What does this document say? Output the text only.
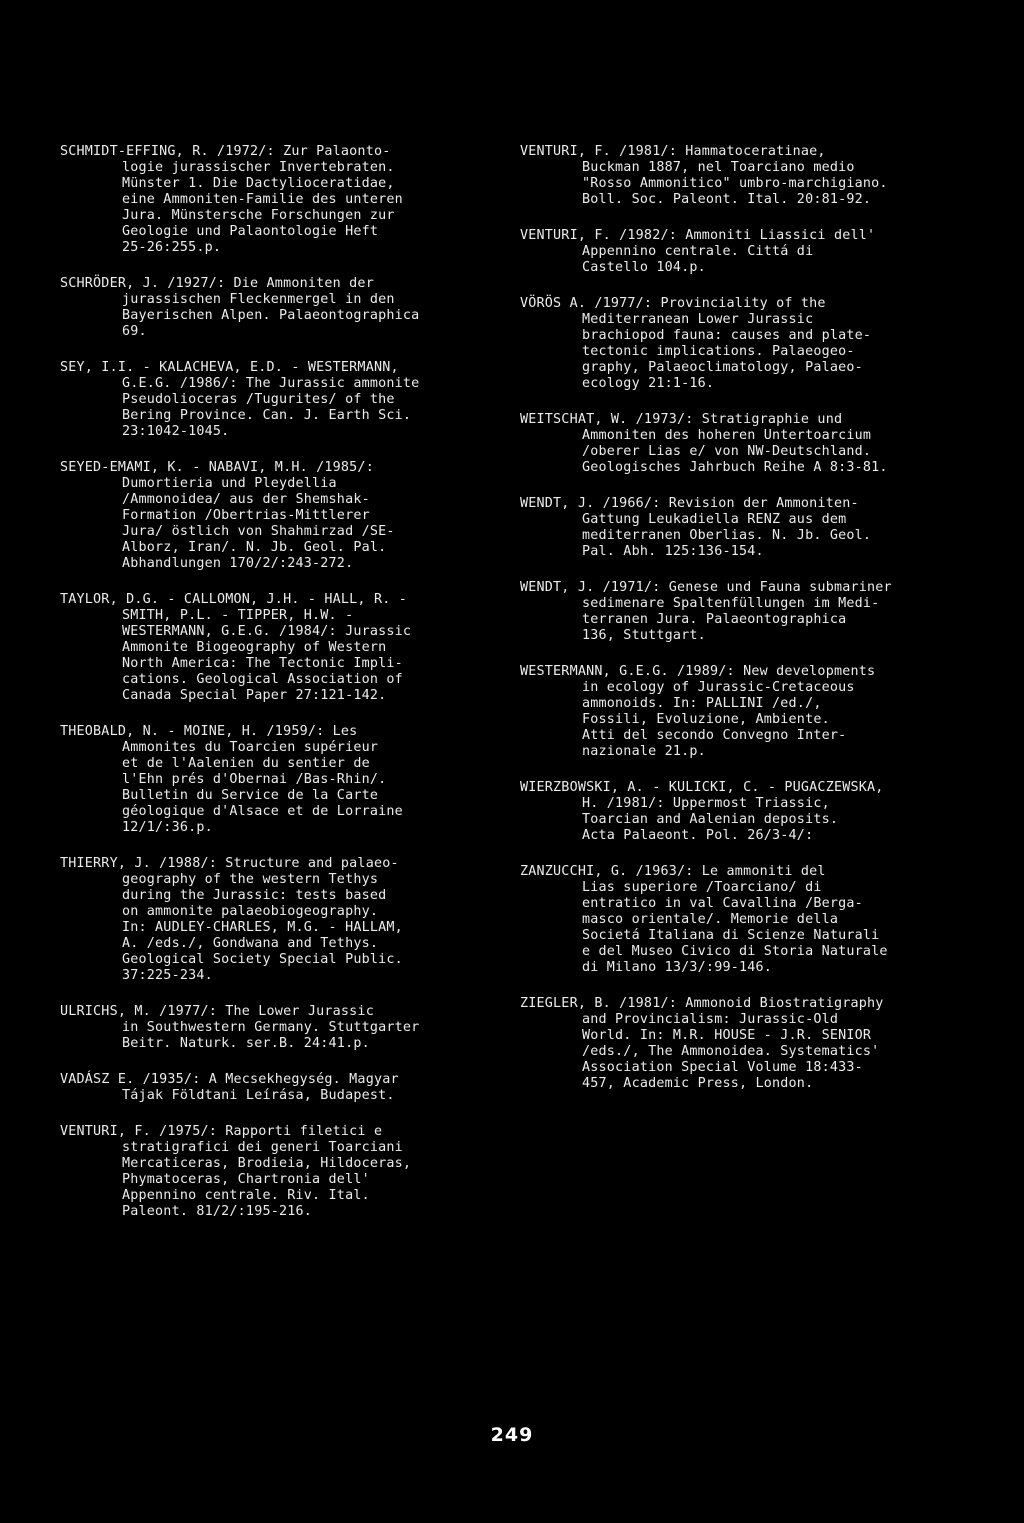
SCHMIDT-EFFING, R. /1972/: Zur Palaonto-
logie jurassischer Invertebraten.
Münster 1. Die Dactylioceratidae,
eine Ammoniten-Familie des unteren
Jura. Münstersche Forschungen zur
Geologie und Palaontologie Heft
25-26:255.p.
SCHRÖDER, J. /1927/: Die Ammoniten der
jurassischen Fleckenmergel in den
Bayerischen Alpen. Palaeontographica
69.
SEY, I.I. - KALACHEVA, E.D. - WESTERMANN,
G.E.G. /1986/: The Jurassic ammonite
Pseudolioceras /Tugurites/ of the
Bering Province. Can. J. Earth Sci.
23:1042-1045.
SEYED-EMAMI, K. - NABAVI, M.H. /1985/:
Dumortieria und Pleydellia
/Ammonoidea/ aus der Shemshak-
Formation /Obertrias-Mittlerer
Jura/ östlich von Shahmirzad /SE-
Alborz, Iran/. N. Jb. Geol. Pal.
Abhandlungen 170/2/:243-272.
TAYLOR, D.G. - CALLOMON, J.H. - HALL, R. -
SMITH, P.L. - TIPPER, H.W. -
WESTERMANN, G.E.G. /1984/: Jurassic
Ammonite Biogeography of Western
North America: The Tectonic Impli-
cations. Geological Association of
Canada Special Paper 27:121-142.
THEOBALD, N. - MOINE, H. /1959/: Les
Ammonites du Toarcien supérieur
et de l'Aalenien du sentier de
l'Ehn prés d'Obernai /Bas-Rhin/.
Bulletin du Service de la Carte
géologique d'Alsace et de Lorraine
12/1/:36.p.
THIERRY, J. /1988/: Structure and palaeo-
geography of the western Tethys
during the Jurassic: tests based
on ammonite palaeobiogeography.
In: AUDLEY-CHARLES, M.G. - HALLAM,
A. /eds./, Gondwana and Tethys.
Geological Society Special Public.
37:225-234.
ULRICHS, M. /1977/: The Lower Jurassic
in Southwestern Germany. Stuttgarter
Beitr. Naturk. ser.B. 24:41.p.
VADÁSZ E. /1935/: A Mecsekhegység. Magyar
Tájak Földtani Leírása, Budapest.
VENTURI, F. /1975/: Rapporti filetici e
stratigrafici dei generi Toarciani
Mercaticeras, Brodieia, Hildoceras,
Phymatoceras, Chartronia dell'
Appennino centrale. Riv. Ital.
Paleont. 81/2/:195-216.
VENTURI, F. /1981/: Hammatoceratinae,
Buckman 1887, nel Toarciano medio
"Rosso Ammonitico" umbro-marchigiano.
Boll. Soc. Paleont. Ital. 20:81-92.
VENTURI, F. /1982/: Ammoniti Liassici dell'
Appennino centrale. Cittá di
Castello 104.p.
VÖRÖS A. /1977/: Provinciality of the
Mediterranean Lower Jurassic
brachiopod fauna: causes and plate-
tectonic implications. Palaeogeo-
graphy, Palaeoclimatology, Palaeo-
ecology 21:1-16.
WEITSCHAT, W. /1973/: Stratigraphie und
Ammoniten des hoheren Untertoarcium
/oberer Lias e/ von NW-Deutschland.
Geologisches Jahrbuch Reihe A 8:3-81.
WENDT, J. /1966/: Revision der Ammoniten-
Gattung Leukadiella RENZ aus dem
mediterranen Oberlias. N. Jb. Geol.
Pal. Abh. 125:136-154.
WENDT, J. /1971/: Genese und Fauna submariner
sedimenare Spaltenfüllungen im Medi-
terranen Jura. Palaeontographica
136, Stuttgart.
WESTERMANN, G.E.G. /1989/: New developments
in ecology of Jurassic-Cretaceous
ammonoids. In: PALLINI /ed./,
Fossili, Evoluzione, Ambiente.
Atti del secondo Convegno Inter-
nazionale 21.p.
WIERZBOWSKI, A. - KULICKI, C. - PUGACZEWSKA,
H. /1981/: Uppermost Triassic,
Toarcian and Aalenian deposits.
Acta Palaeont. Pol. 26/3-4/:
ZANZUCCHI, G. /1963/: Le ammoniti del
Lias superiore /Toarciano/ di
entratico in val Cavallina /Berga-
masco orientale/. Memorie della
Societá Italiana di Scienze Naturali
e del Museo Civico di Storia Naturale
di Milano 13/3/:99-146.
ZIEGLER, B. /1981/: Ammonoid Biostratigraphy
and Provincialism: Jurassic-Old
World. In: M.R. HOUSE - J.R. SENIOR
/eds./, The Ammonoidea. Systematics'
Association Special Volume 18:433-
457, Academic Press, London.
249
